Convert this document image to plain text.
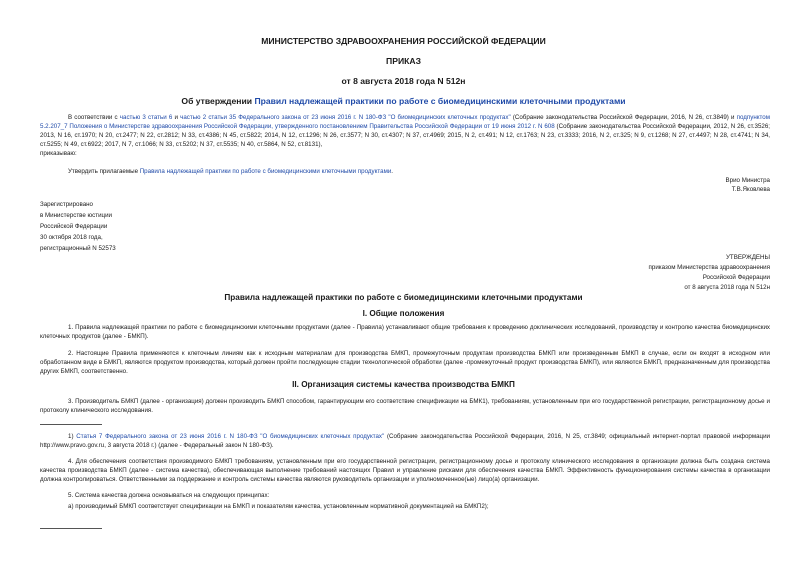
МИНИСТЕРСТВО ЗДРАВООХРАНЕНИЯ РОССИЙСКОЙ ФЕДЕРАЦИИ
ПРИКАЗ
от 8 августа 2018 года N 512н
Об утверждении Правил надлежащей практики по работе с биомедицинскими клеточными продуктами
В соответствии с частью 3 статьи 6 и частью 2 статьи 35 Федерального закона от 23 июня 2016 г. N 180-ФЗ "О биомедицинских клеточных продуктах" (Собрание законодательства Российской Федерации, 2016, N 26, ст.3849) и подпунктом 5.2.207_7 Положения о Министерстве здравоохранения Российской Федерации, утвержденного постановлением Правительства Российской Федерации от 19 июня 2012 г. N 608 (Собрание законодательства Российской Федерации, 2012, N 26, ст.3526; 2013, N 16, ст.1970; N 20, ст.2477; N 22, ст.2812; N 33, ст.4386; N 45, ст.5822; 2014, N 12, ст.1296; N 26, ст.3577; N 30, ст.4307; N 37, ст.4969; 2015, N 2, ст.491; N 12, ст.1763; N 23, ст.3333; 2016, N 2, ст.325; N 9, ст.1268; N 27, ст.4497; N 28, ст.4741; N 34, ст.5255; N 49, ст.6922; 2017, N 7, ст.1066; N 33, ст.5202; N 37, ст.5535; N 40, ст.5864, N 52, ст.8131),
приказываю:
Утвердить прилагаемые Правила надлежащей практики по работе с биомедицинскими клеточными продуктами.
Врио Министра
Т.В.Яковлева
Зарегистрировано
в Министерстве юстиции
Российской Федерации
30 октября 2018 года,
регистрационный N 52573
УТВЕРЖДЕНЫ
приказом Министерства здравоохранения
Российской Федерации
от 8 августа 2018 года N 512н
Правила надлежащей практики по работе с биомедицинскими клеточными продуктами
I. Общие положения
1. Правила надлежащей практики по работе с биомедицинскими клеточными продуктами (далее - Правила) устанавливают общие требования к проведению доклинических исследований, производству и контролю качества биомедицинских клеточных продуктов (далее - БМКП).
2. Настоящие Правила применяются к клеточным линиям как к исходным материалам для производства БМКП, промежуточным продуктам производства БМКП или произведенным БМКП в случае, если он входят в исходном или обработанном виде в БМКП, являются продуктом производства, который должен пройти последующие стадии технологической обработки (далее -промежуточный продукт производства БМКП), или являются БМКП, предназначенным для производства других БМКП, соответственно.
II. Организация системы качества производства БМКП
3. Производитель БМКП (далее - организация) должен производить БМКП способом, гарантирующим его соответствие спецификации на БМК1), требованиям, установленным при его государственной регистрации, регистрационному досье и протоколу клинического исследования.
1) Статья 7 Федерального закона от 23 июня 2016 г. N 180-ФЗ "О биомедицинских клеточных продуктах" (Собрание законодательства Российской Федерации, 2016, N 25, ст.3849; официальный интернет-портал правовой информации http://www.pravo.gov.ru, 3 августа 2018 г.) (далее - Федеральный закон N 180-ФЗ).
4. Для обеспечения соответствия производимого БМКП требованиям, установленным при его государственной регистрации, регистрационному досье и протоколу клинического исследования в организации должна быть создана система качества производства БМКП (далее - система качества), обеспечивающая выполнение требований настоящих Правил и управление рисками для обеспечения качества БМКП. Эффективность функционирования системы качества в организации должна контролироваться. Ответственными за поддержание и контроль системы качества являются руководитель организации и уполномоченное(ые) лицо(а) организации.
5. Система качества должна основываться на следующих принципах:
а) производимый БМКП соответствует спецификации на БМКП и показателям качества, установленным нормативной документацией на БМКП2);
